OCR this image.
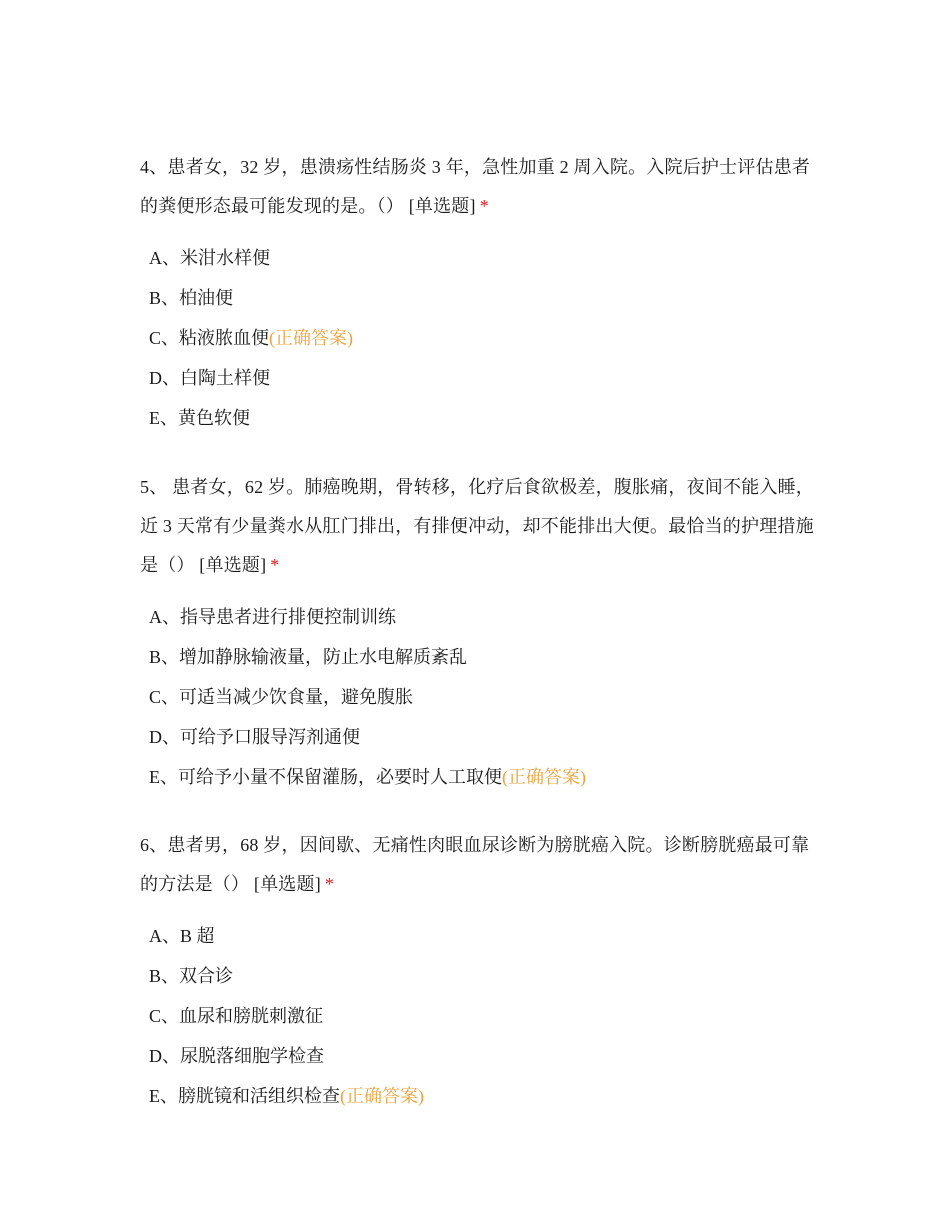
4、患者女，32 岁，患溃疡性结肠炎 3 年，急性加重 2 周入院。入院后护士评估患者的粪便形态最可能发现的是。（） [单选题] *

A、米泔水样便
B、柏油便
C、粘液脓血便(正确答案)
D、白陶土样便
E、黄色软便

5、 患者女，62 岁。肺癌晚期，骨转移，化疗后食欲极差，腹胀痛，夜间不能入睡，近 3 天常有少量粪水从肛门排出，有排便冲动，却不能排出大便。最恰当的护理措施是（） [单选题] *

A、指导患者进行排便控制训练
B、增加静脉输液量，防止水电解质紊乱
C、可适当减少饮食量，避免腹胀
D、可给予口服导泻剂通便
E、可给予小量不保留灌肠，必要时人工取便(正确答案)

6、患者男，68 岁，因间歇、无痛性肉眼血尿诊断为膀胱癌入院。诊断膀胱癌最可靠的方法是（） [单选题] *

A、B 超
B、双合诊
C、血尿和膀胱刺激征
D、尿脱落细胞学检查
E、膀胱镜和活组织检查(正确答案)
